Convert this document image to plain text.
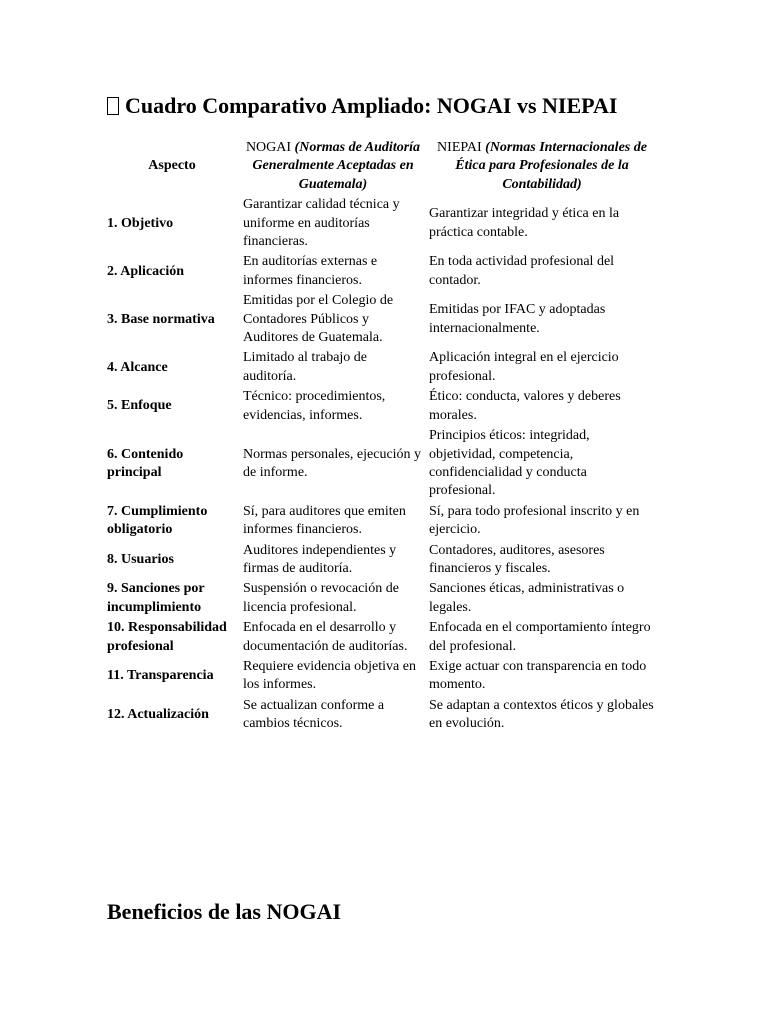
Cuadro Comparativo Ampliado: NOGAI vs NIEPAI
Aspecto	NOGAI (Normas de Auditoría Generalmente Aceptadas en Guatemala)	NIEPAI (Normas Internacionales de Ética para Profesionales de la Contabilidad)
1. Objetivo	Garantizar calidad técnica y uniforme en auditorías financieras.	Garantizar integridad y ética en la práctica contable.
2. Aplicación	En auditorías externas e informes financieros.	En toda actividad profesional del contador.
3. Base normativa	Emitidas por el Colegio de Contadores Públicos y Auditores de Guatemala.	Emitidas por IFAC y adoptadas internacionalmente.
4. Alcance	Limitado al trabajo de auditoría.	Aplicación integral en el ejercicio profesional.
5. Enfoque	Técnico: procedimientos, evidencias, informes.	Ético: conducta, valores y deberes morales.
6. Contenido principal	Normas personales, ejecución y de informe.	Principios éticos: integridad, objetividad, competencia, confidencialidad y conducta profesional.
7. Cumplimiento obligatorio	Sí, para auditores que emiten informes financieros.	Sí, para todo profesional inscrito y en ejercicio.
8. Usuarios	Auditores independientes y firmas de auditoría.	Contadores, auditores, asesores financieros y fiscales.
9. Sanciones por incumplimiento	Suspensión o revocación de licencia profesional.	Sanciones éticas, administrativas o legales.
10. Responsabilidad profesional	Enfocada en el desarrollo y documentación de auditorías.	Enfocada en el comportamiento íntegro del profesional.
11. Transparencia	Requiere evidencia objetiva en los informes.	Exige actuar con transparencia en todo momento.
12. Actualización	Se actualizan conforme a cambios técnicos.	Se adaptan a contextos éticos y globales en evolución.
Beneficios de las NOGAI
